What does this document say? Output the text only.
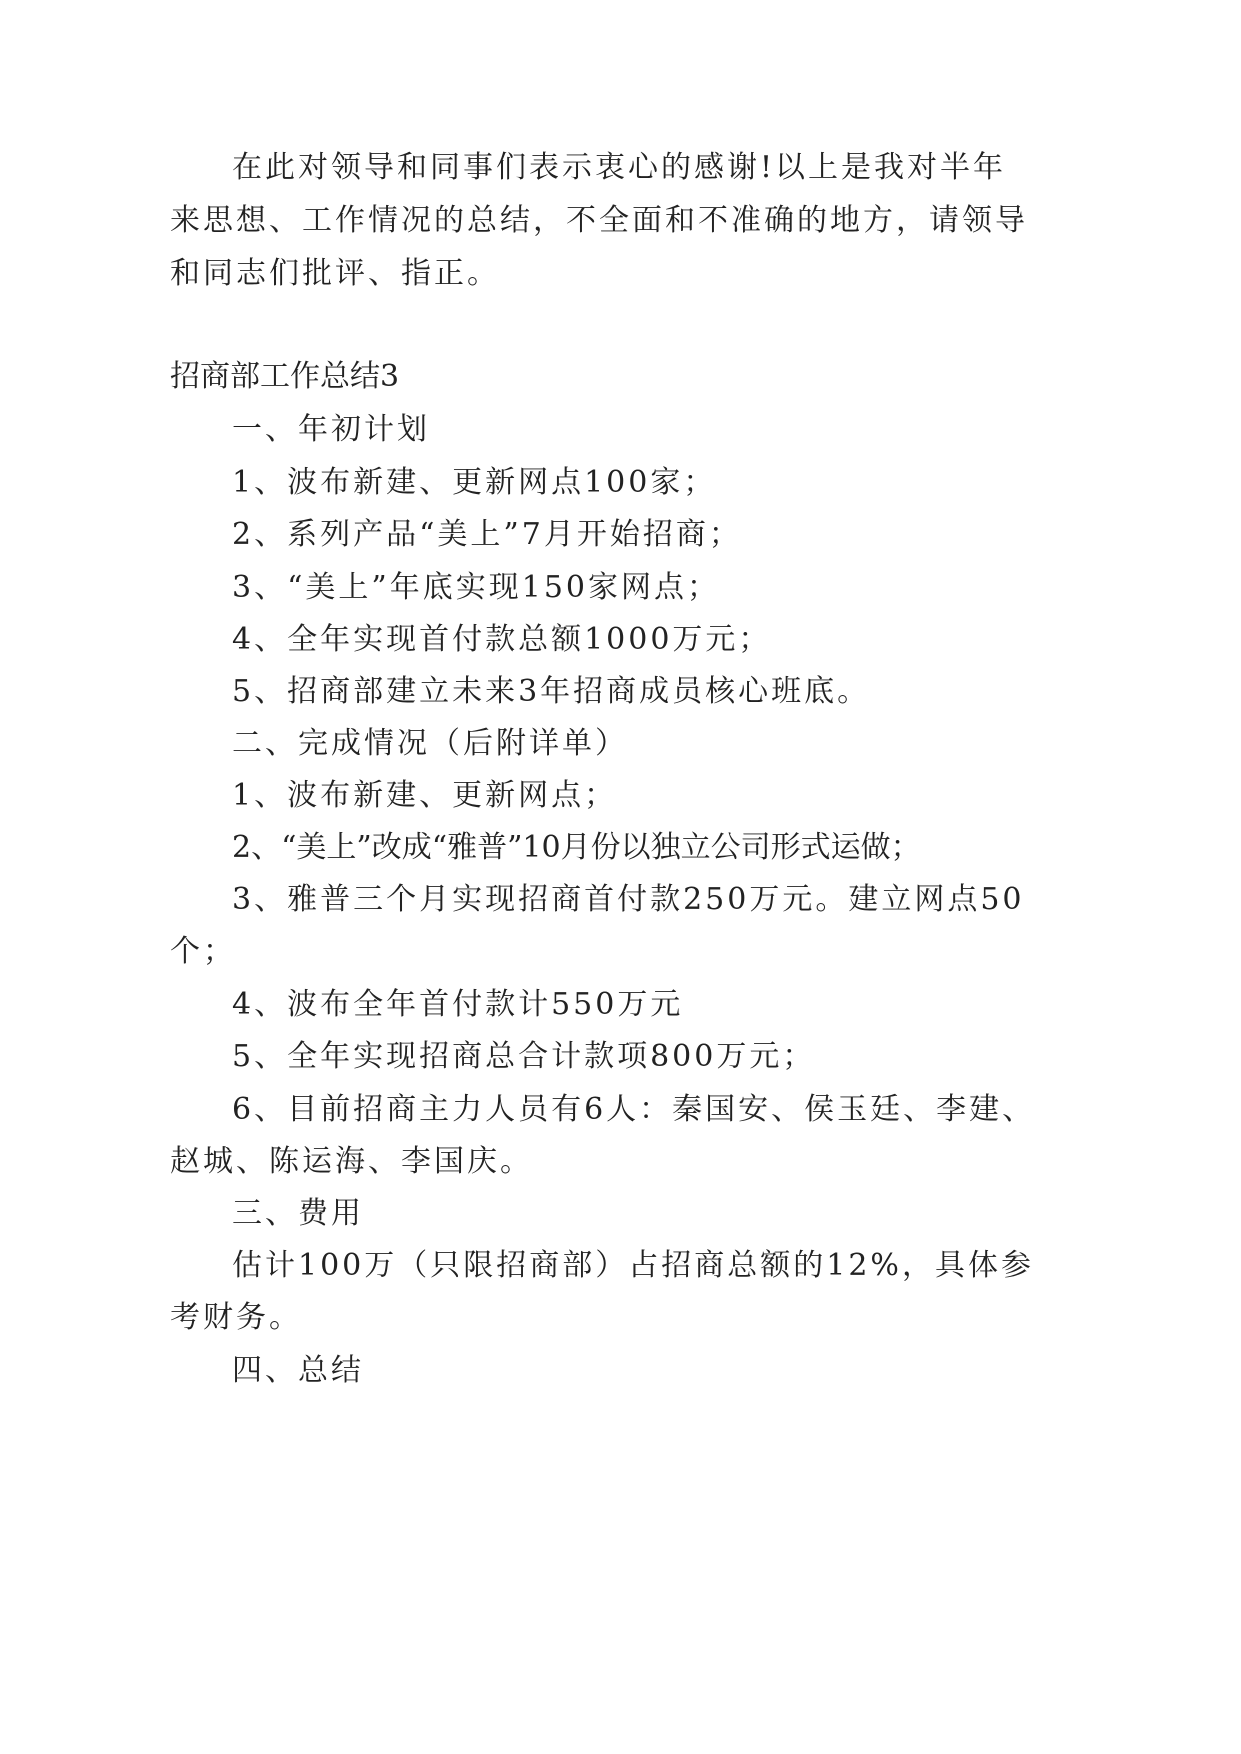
在此对领导和同事们表示衷心的感谢!以上是我对半年
来思想、工作情况的总结，不全面和不准确的地方，请领导
和同志们批评、指正。
招商部工作总结3
一、年初计划
1、波布新建、更新网点100家；
2、系列产品“美上”7月开始招商；
3、“美上”年底实现150家网点；
4、全年实现首付款总额1000万元；
5、招商部建立未来3年招商成员核心班底。
二、完成情况（后附详单）
1、波布新建、更新网点；
2、“美上”改成“雅普”10月份以独立公司形式运做；
3、雅普三个月实现招商首付款250万元。建立网点50
个；
4、波布全年首付款计550万元
5、全年实现招商总合计款项800万元；
6、目前招商主力人员有6人：秦国安、侯玉廷、李建、
赵城、陈运海、李国庆。
三、费用
估计100万（只限招商部）占招商总额的12%，具体参
考财务。
四、总结
